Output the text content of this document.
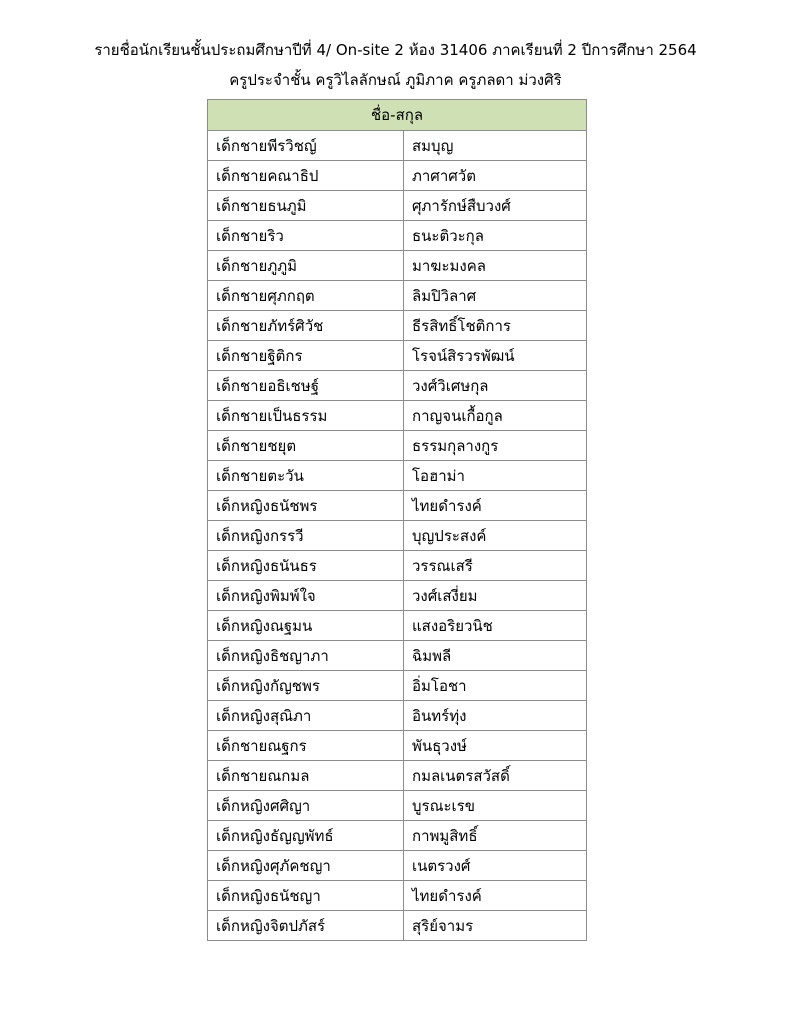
รายชื่อนักเรียนชั้นประถมศึกษาปีที่ 4/ On-site 2 ห้อง 31406 ภาคเรียนที่ 2 ปีการศึกษา 2564
ครูประจำชั้น ครูวิไลลักษณ์ ภูมิภาค ครูภลดา ม่วงศิริ
ชื่อ-สกุล	
เด็กชายพีรวิชญ์	สมบุญ
เด็กชายคณาธิป	ภาศาศวัต
เด็กชายธนภูมิ	ศุภารักษ์สืบวงศ์
เด็กชายริว	ธนะติวะกุล
เด็กชายภูภูมิ	มาฆะมงคล
เด็กชายศุภกฤต	ลิมปิวิลาศ
เด็กชายภัทร์ศิวัช	ธีรสิทธิ์โชติการ
เด็กชายฐิติกร	โรจน์สิรวรพัฒน์
เด็กชายอธิเชษฐ์	วงศ์วิเศษกุล
เด็กชายเป็นธรรม	กาญจนเกื้อกูล
เด็กชายชยุต	ธรรมกุลางกูร
เด็กชายตะวัน	โอฮาม่า
เด็กหญิงธนัชพร	ไทยดำรงค์
เด็กหญิงกรรวี	บุญประสงค์
เด็กหญิงธนันธร	วรรณเสรี
เด็กหญิงพิมพ์ใจ	วงศ์เสงี่ยม
เด็กหญิงณฐมน	แสงอริยวนิช
เด็กหญิงธิชญาภา	ฉิมพลี
เด็กหญิงกัญชพร	อิ่มโอชา
เด็กหญิงสุณิภา	อินทร์ทุ่ง
เด็กชายณฐกร	พันธุวงษ์
เด็กชายณกมล	กมลเนตรสวัสดิ์
เด็กหญิงศศิญา	บูรณะเรข
เด็กหญิงธัญญพัทธ์	กาพมูสิทธิ์
เด็กหญิงศุภัคชญา	เนตรวงศ์
เด็กหญิงธนัชญา	ไทยดำรงค์
เด็กหญิงจิตปภัสร์	สุริย์จามร
